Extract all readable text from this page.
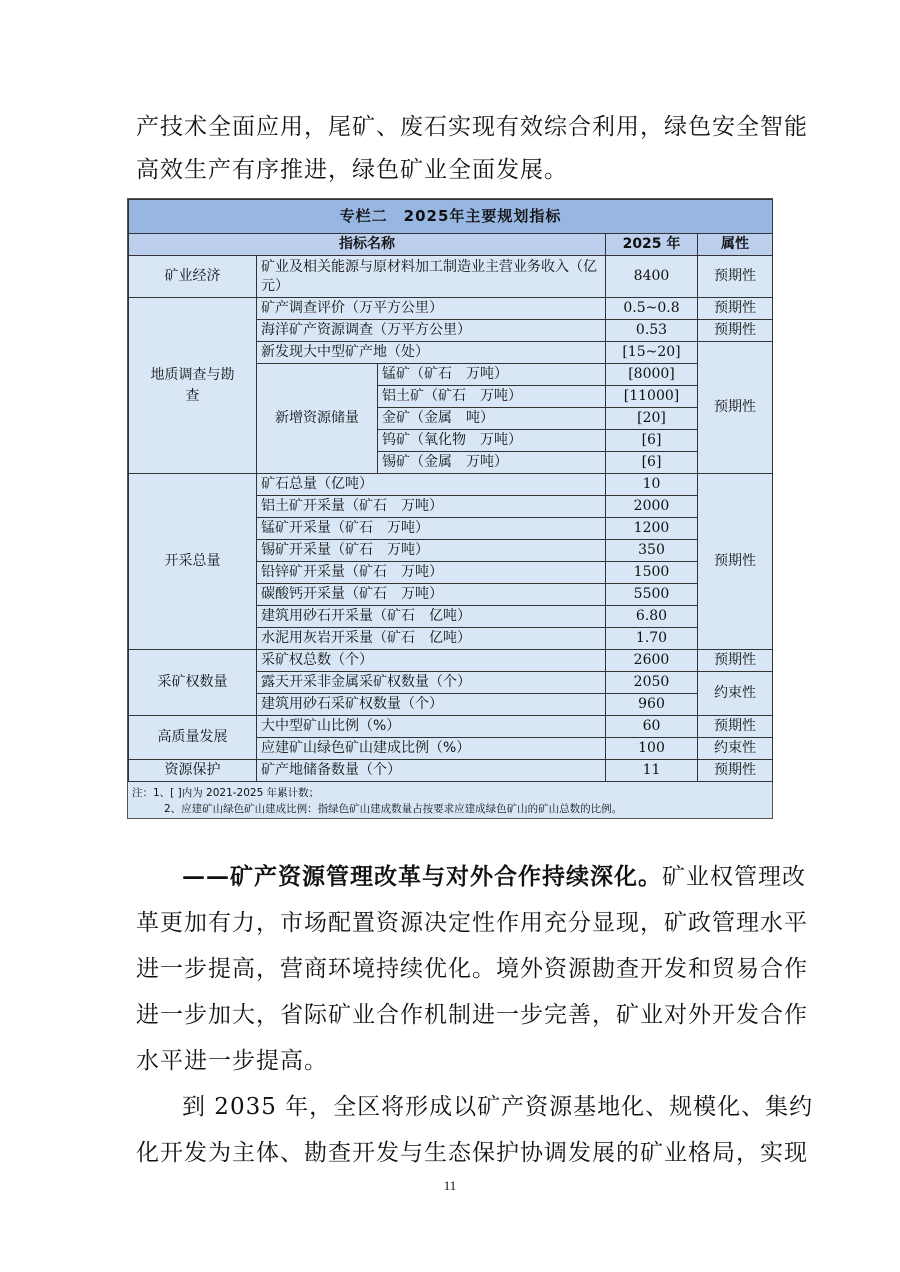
产技术全面应用，尾矿、废石实现有效综合利用，绿色安全智能
高效生产有序推进，绿色矿业全面发展。
专栏二　2025年主要规划指标				
指标名称			2025 年	属性
矿业经济	矿业及相关能源与原材料加工制造业主营业务收入（亿元）		8400	预期性
地质调查与勘查	矿产调查评价（万平方公里）		0.5~0.8	预期性
	海洋矿产资源调查（万平方公里）		0.53	预期性
	新发现大中型矿产地（处）		[15~20]	预期性
	新增资源储量	锰矿（矿石　万吨）	[8000]	
		铝土矿（矿石　万吨）	[11000]	
		金矿（金属　吨）	[20]	
		钨矿（氧化物　万吨）	[6]	
		锡矿（金属　万吨）	[6]	
开采总量	矿石总量（亿吨）		10	预期性
	铝土矿开采量（矿石　万吨）		2000	
	锰矿开采量（矿石　万吨）		1200	
	锡矿开采量（矿石　万吨）		350	
	铅锌矿开采量（矿石　万吨）		1500	
	碳酸钙开采量（矿石　万吨）		5500	
	建筑用砂石开采量（矿石　亿吨）		6.80	
	水泥用灰岩开采量（矿石　亿吨）		1.70	
采矿权数量	采矿权总数（个）		2600	预期性
	露天开采非金属采矿权数量（个）		2050	约束性
	建筑用砂石采矿权数量（个）		960	
高质量发展	大中型矿山比例（%）		60	预期性
	应建矿山绿色矿山建成比例（%）		100	约束性
资源保护	矿产地储备数量（个）		11	预期性
注：1、[ ]内为 2021-2025 年累计数；
2、应建矿山绿色矿山建成比例：指绿色矿山建成数量占按要求应建成绿色矿山的矿山总数的比例。
——矿产资源管理改革与对外合作持续深化。矿业权管理改
革更加有力，市场配置资源决定性作用充分显现，矿政管理水平
进一步提高，营商环境持续优化。境外资源勘查开发和贸易合作
进一步加大，省际矿业合作机制进一步完善，矿业对外开发合作
水平进一步提高。
到 2035 年，全区将形成以矿产资源基地化、规模化、集约
化开发为主体、勘查开发与生态保护协调发展的矿业格局，实现
11
